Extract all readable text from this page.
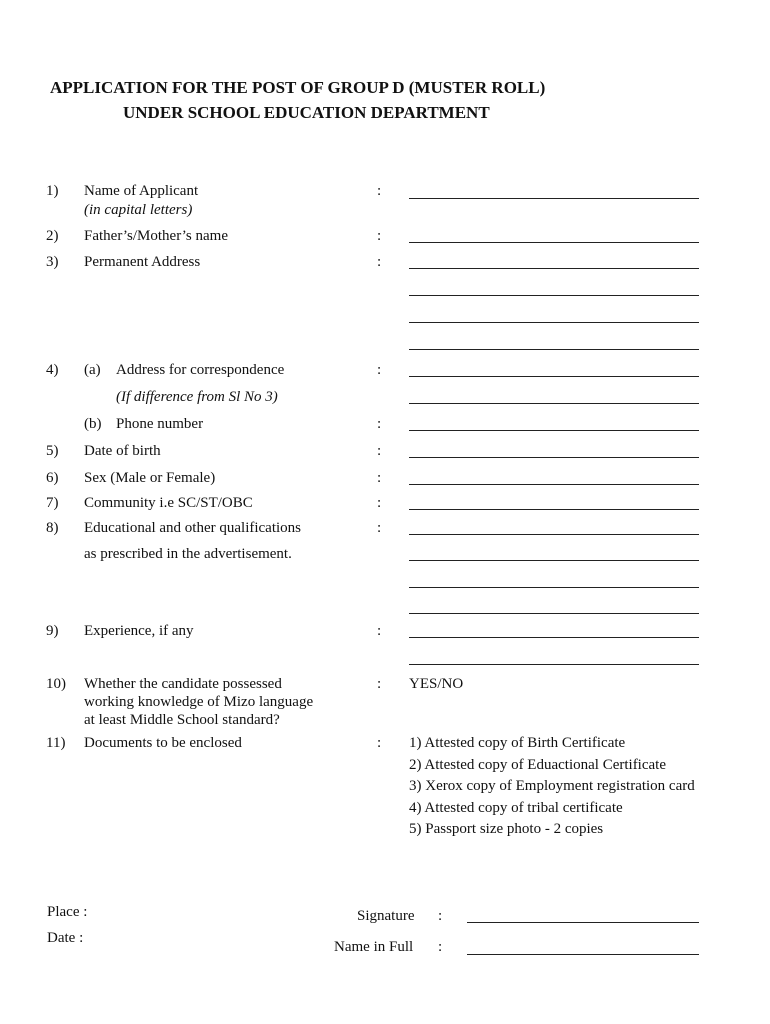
APPLICATION FOR THE POST OF GROUP D (MUSTER ROLL)
UNDER SCHOOL EDUCATION DEPARTMENT
1) Name of Applicant
(in capital letters)
:
2) Father’s/Mother’s name	:
3) Permanent Address	:
4) (a) Address for correspondence	:
(If difference from Sl No 3)
(b) Phone number	:
5) Date of birth	:
6) Sex (Male or Female)	:
7) Community i.e SC/ST/OBC	:
8) Educational and other qualifications	:
as prescribed in the advertisement.
9) Experience, if any	:
10) Whether the candidate possessed
working knowledge of Mizo language
at least Middle School standard?
: YES/NO
11) Documents to be enclosed	: 1) Attested copy of Birth Certificate
2) Attested copy of Eduactional Certificate
3) Xerox copy of Employment registration card
4) Attested copy of tribal certificate
5) Passport size photo - 2 copies
Place :
Date :
Signature :
Name in Full :
